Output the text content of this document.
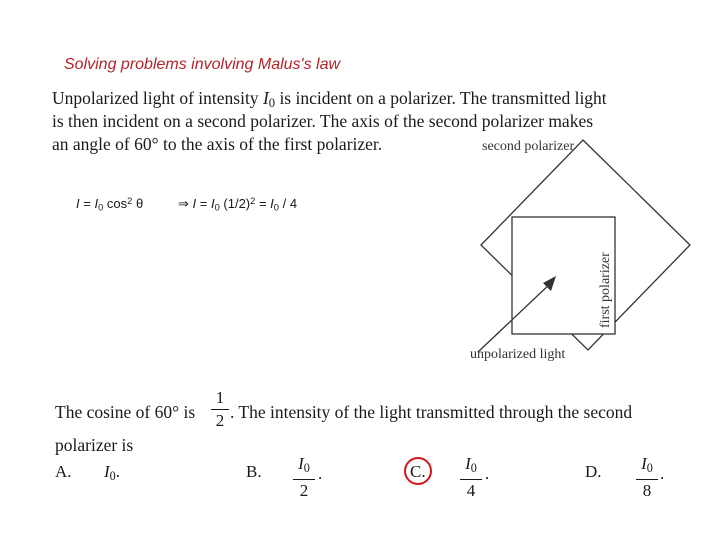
Solving problems involving Malus's law
Unpolarized light of intensity $I_0$ is incident on a polarizer. The transmitted light
is then incident on a second polarizer. The axis of the second polarizer makes
an angle of 60° to the axis of the first polarizer.
$I = I_0$ $\cos^2 \theta$	⇒ $I = I_0$ $(1/2)^2 = I_0 / 4$
second polarizer
first polarizer
unpolarized light
The cosine of 60° is
1
2 . The intensity of the light transmitted through the second
polarizer is
A. $I_0$.	B. $I_0$
2
.	C. $I_0$
4
.	D. $I_0$
8
.
